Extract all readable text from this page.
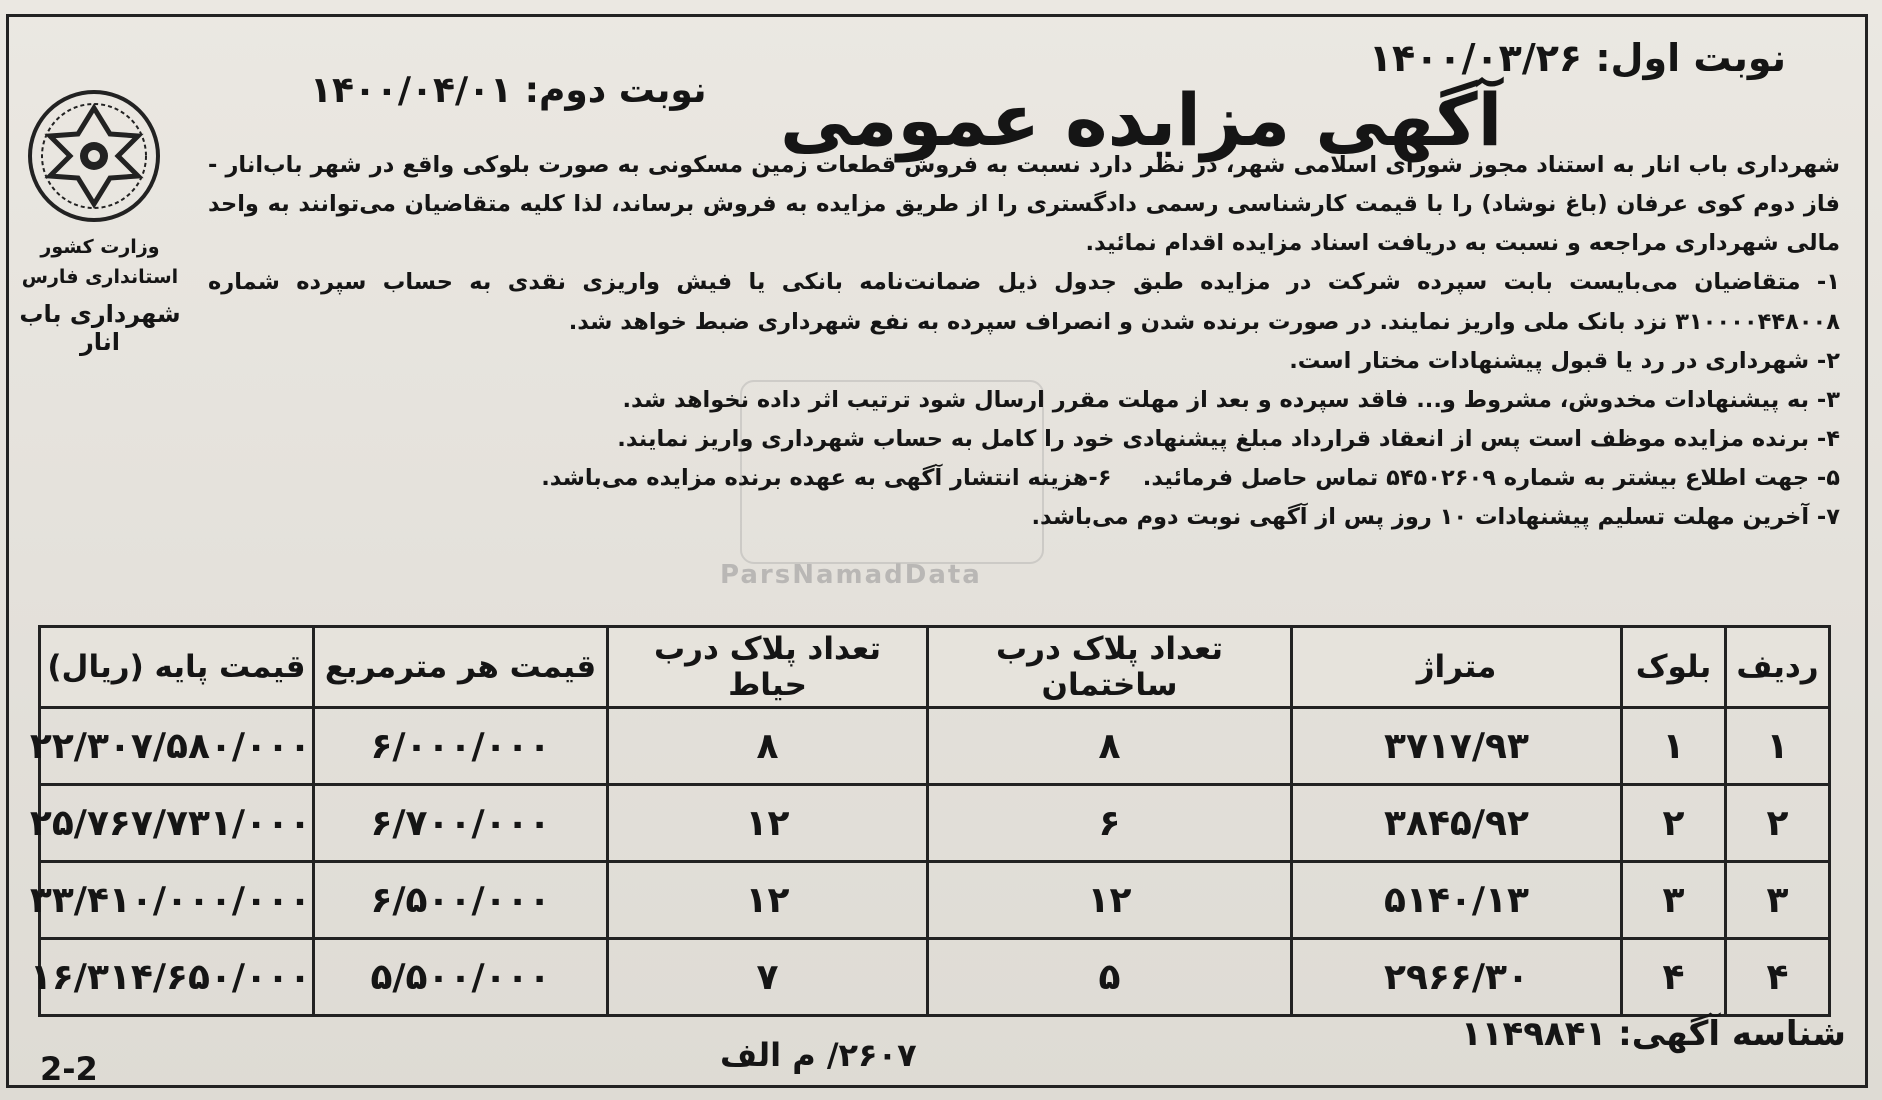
نوبت اول: ۱۴۰۰/۰۳/۲۶
نوبت دوم: ۱۴۰۰/۰۴/۰۱ آگهی مزایده عمومی
وزارت کشور
استانداری فارس
شهرداری باب انار

شهرداری باب انار به استناد مجوز شورای اسلامی شهر، در نظر دارد نسبت به فروش قطعات زمین مسکونی به صورت بلوکی واقع در شهر باب‌انار - فاز دوم کوی عرفان (باغ نوشاد) را با قیمت کارشناسی رسمی دادگستری را از طریق مزایده به فروش برساند، لذا کلیه متقاضیان می‌توانند به واحد مالی شهرداری مراجعه و نسبت به دریافت اسناد مزایده اقدام نمائید.

۱- متقاضیان می‌بایست بابت سپرده شرکت در مزایده طبق جدول ذیل ضمانت‌نامه بانکی یا فیش واریزی نقدی به حساب سپرده شماره ۳۱۰۰۰۰۴۴۸۰۰۸ نزد بانک ملی واریز نمایند. در صورت برنده شدن و انصراف سپرده به نفع شهرداری ضبط خواهد شد.

۲- شهرداری در رد یا قبول پیشنهادات مختار است.

۳- به پیشنهادات مخدوش، مشروط و... فاقد سپرده و بعد از مهلت مقرر ارسال شود ترتیب اثر داده نخواهد شد.

۴- برنده مزایده موظف است پس از انعقاد قرارداد مبلغ پیشنهادی خود را کامل به حساب شهرداری واریز نمایند.

۵- جهت اطلاع بیشتر به شماره ۵۴۵۰۲۶۰۹ تماس حاصل فرمائید.    ۶-هزینه انتشار آگهی به عهده برنده مزایده می‌باشد.

۷- آخرین مهلت تسلیم پیشنهادات ۱۰ روز پس از آگهی نوبت دوم می‌باشد.

ParsNamadData
ردیف	بلوک	متراژ	تعداد پلاک درب ساختمان	تعداد پلاک درب حیاط	قیمت هر مترمربع	قیمت پایه (ریال)
۱	۱	۳۷۱۷/۹۳	۸	۸	۶/۰۰۰/۰۰۰	۲۲/۳۰۷/۵۸۰/۰۰۰
۲	۲	۳۸۴۵/۹۲	۶	۱۲	۶/۷۰۰/۰۰۰	۲۵/۷۶۷/۷۳۱/۰۰۰
۳	۳	۵۱۴۰/۱۳	۱۲	۱۲	۶/۵۰۰/۰۰۰	۳۳/۴۱۰/۰۰۰/۰۰۰
۴	۴	۲۹۶۶/۳۰	۵	۷	۵/۵۰۰/۰۰۰	۱۶/۳۱۴/۶۵۰/۰۰۰
شناسه آگهی: ۱۱۴۹۸۴۱
۲۶۰۷/ م الف
2-2
